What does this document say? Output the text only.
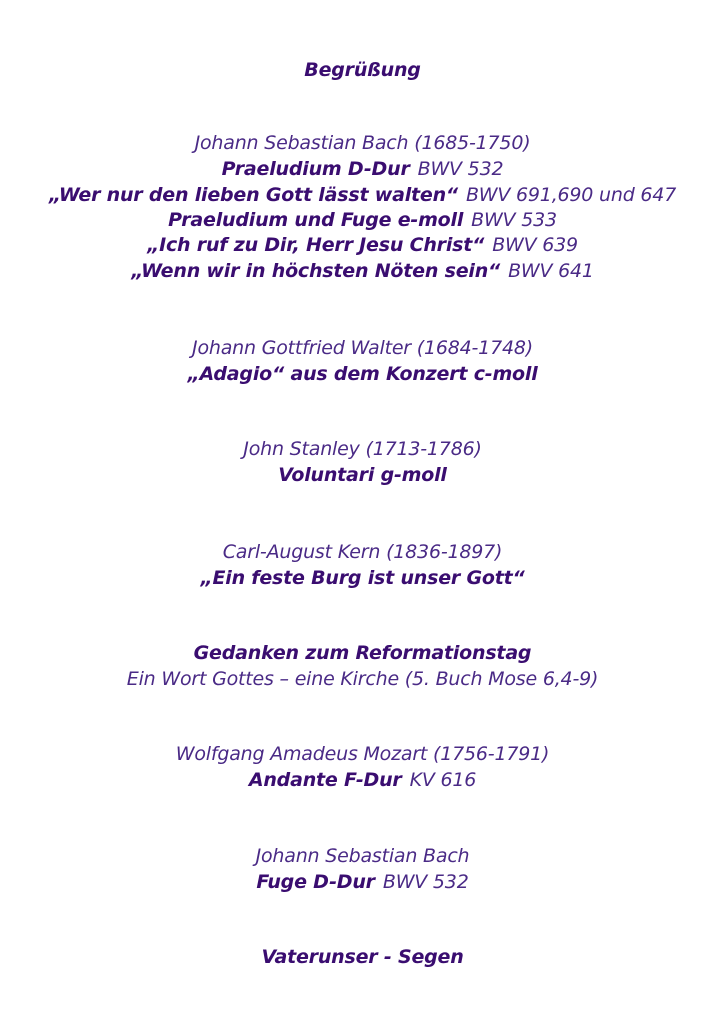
Begrüßung
Johann Sebastian Bach (1685-1750)
Praeludium D-Dur BWV 532
„Wer nur den lieben Gott lässt walten“ BWV 691,690 und 647
Praeludium und Fuge e-moll BWV 533
„Ich ruf zu Dir, Herr Jesu Christ“ BWV 639
„Wenn wir in höchsten Nöten sein“ BWV 641
Johann Gottfried Walter (1684-1748)
„Adagio“ aus dem Konzert c-moll
John Stanley (1713-1786)
Voluntari g-moll
Carl-August Kern (1836-1897)
„Ein feste Burg ist unser Gott“
Gedanken zum Reformationstag
Ein Wort Gottes – eine Kirche (5. Buch Mose 6,4-9)
Wolfgang Amadeus Mozart (1756-1791)
Andante F-Dur KV 616
Johann Sebastian Bach
Fuge D-Dur BWV 532
Vaterunser - Segen
